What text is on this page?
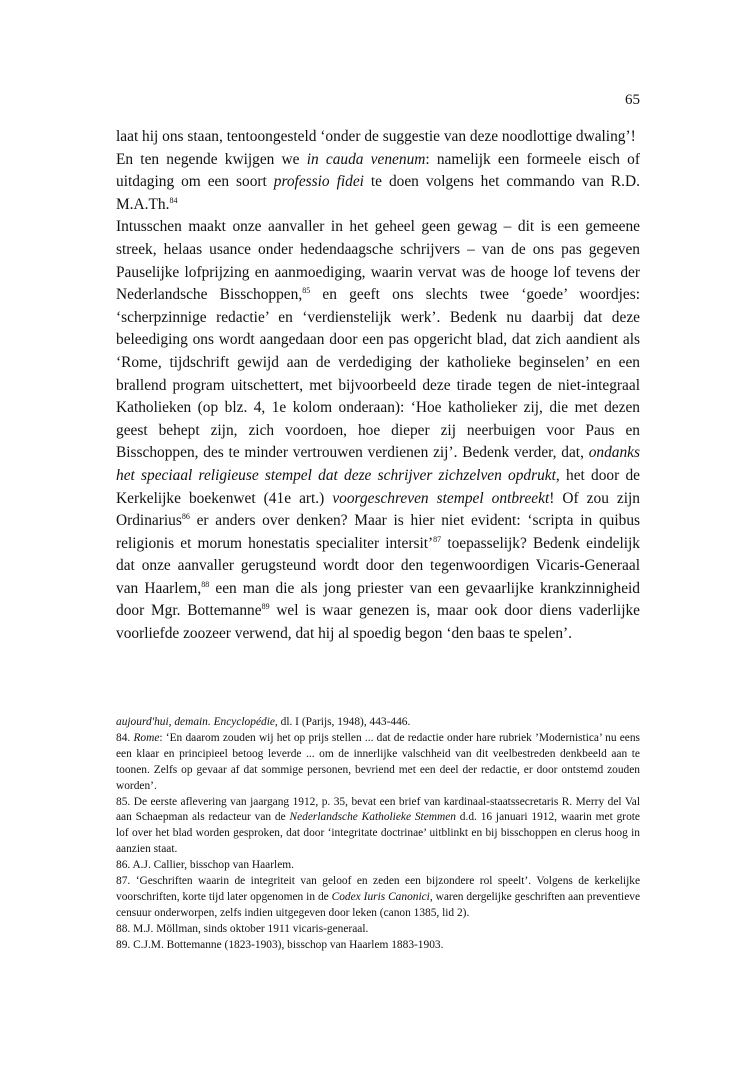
65

laat hij ons staan, tentoongesteld ‘onder de suggestie van deze noodlottige dwaling’!

En ten negende kwijgen we in cauda venenum: namelijk een formeele eisch of uitdaging om een soort professio fidei te doen volgens het commando van R.D. M.A.Th.$^{84}$

Intusschen maakt onze aanvaller in het geheel geen gewag – dit is een gemeene streek, helaas usance onder hedendaagsche schrijvers – van de ons pas gegeven Pauselijke lofprijzing en aanmoediging, waarin vervat was de hooge lof tevens der Nederlandsche Bisschoppen,$^{85}$ en geeft ons slechts twee ‘goede’ woordjes: ‘scherpzinnige redactie’ en ‘verdienstelijk werk’. Bedenk nu daarbij dat deze beleediging ons wordt aangedaan door een pas opgericht blad, dat zich aandient als ‘Rome, tijdschrift gewijd aan de verdediging der katholieke beginselen’ en een brallend program uitschettert, met bijvoorbeeld deze tirade tegen de niet-integraal Katholieken (op blz. 4, 1e kolom onderaan): ‘Hoe katholieker zij, die met dezen geest behept zijn, zich voordoen, hoe dieper zij neerbuigen voor Paus en Bisschoppen, des te minder vertrouwen verdienen zij’. Bedenk verder, dat, ondanks het speciaal religieuse stempel dat deze schrijver zichzelven opdrukt, het door de Kerkelijke boekenwet (41e art.) voorgeschreven stempel ontbreekt! Of zou zijn Ordinarius$^{86}$ er anders over denken? Maar is hier niet evident: ‘scripta in quibus religionis et morum honestatis specialiter intersit’$^{87}$ toepasselijk? Bedenk eindelijk dat onze aanvaller gerugsteund wordt door den tegenwoordigen Vicaris-Generaal van Haarlem,$^{88}$ een man die als jong priester van een gevaarlijke krankzinnigheid door Mgr. Bottemanne$^{89}$ wel is waar genezen is, maar ook door diens vaderlijke voorliefde zoozeer verwend, dat hij al spoedig begon ‘den baas te spelen’.

aujourd'hui, demain. Encyclopédie, dl. I (Parijs, 1948), 443-446.

84. Rome: ‘En daarom zouden wij het op prijs stellen ... dat de redactie onder hare rubriek ’Modernistica’ nu eens een klaar en principieel betoog leverde ... om de innerlijke valschheid van dit veelbestreden denkbeeld aan te toonen. Zelfs op gevaar af dat sommige personen, bevriend met een deel der redactie, er door ontstemd zouden worden’.

85. De eerste aflevering van jaargang 1912, p. 35, bevat een brief van kardinaal-staatssecretaris R. Merry del Val aan Schaepman als redacteur van de Nederlandsche Katholieke Stemmen d.d. 16 januari 1912, waarin met grote lof over het blad worden gesproken, dat door ‘integritate doctrinae’ uitblinkt en bij bisschoppen en clerus hoog in aanzien staat.

86. A.J. Callier, bisschop van Haarlem.

87. ‘Geschriften waarin de integriteit van geloof en zeden een bijzondere rol speelt’. Volgens de kerkelijke voorschriften, korte tijd later opgenomen in de Codex Iuris Canonici, waren dergelijke geschriften aan preventieve censuur onderworpen, zelfs indien uitgegeven door leken (canon 1385, lid 2).

88. M.J. Möllman, sinds oktober 1911 vicaris-generaal.

89. C.J.M. Bottemanne (1823-1903), bisschop van Haarlem 1883-1903.
